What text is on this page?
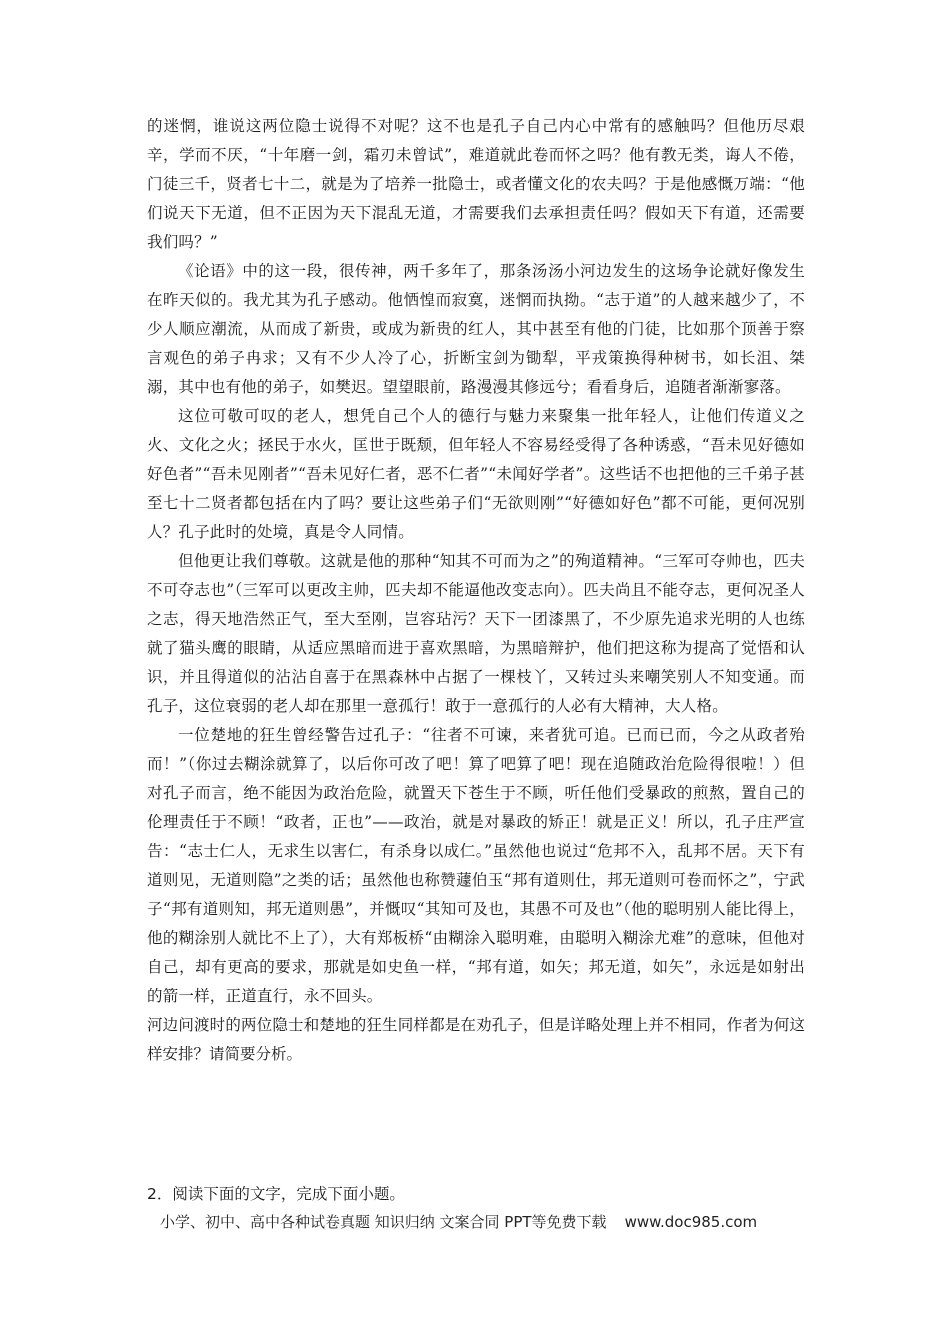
的迷惘，谁说这两位隐士说得不对呢？这不也是孔子自己内心中常有的感触吗？但他历尽艰辛，学而不厌，“十年磨一剑，霜刃未曾试”，难道就此卷而怀之吗？他有教无类，诲人不倦，门徒三千，贤者七十二，就是为了培养一批隐士，或者懂文化的农夫吗？于是他感慨万端：“他们说天下无道，但不正因为天下混乱无道，才需要我们去承担责任吗？假如天下有道，还需要我们吗？”

《论语》中的这一段，很传神，两千多年了，那条汤汤小河边发生的这场争论就好像发生在昨天似的。我尤其为孔子感动。他恓惶而寂寞，迷惘而执拗。“志于道”的人越来越少了，不少人顺应潮流，从而成了新贵，或成为新贵的红人，其中甚至有他的门徒，比如那个顶善于察言观色的弟子冉求；又有不少人冷了心，折断宝剑为锄犁，平戎策换得种树书，如长沮、桀溺，其中也有他的弟子，如樊迟。望望眼前，路漫漫其修远兮；看看身后，追随者渐渐寥落。

这位可敬可叹的老人，想凭自己个人的德行与魅力来聚集一批年轻人，让他们传道义之火、文化之火；拯民于水火，匡世于既颓，但年轻人不容易经受得了各种诱惑，“吾未见好德如好色者”“吾未见刚者”“吾未见好仁者，恶不仁者”“未闻好学者”。这些话不也把他的三千弟子甚至七十二贤者都包括在内了吗？要让这些弟子们“无欲则刚”“好德如好色”都不可能，更何况别人？孔子此时的处境，真是令人同情。

但他更让我们尊敬。这就是他的那种“知其不可而为之”的殉道精神。“三军可夺帅也，匹夫不可夺志也”（三军可以更改主帅，匹夫却不能逼他改变志向）。匹夫尚且不能夺志，更何况圣人之志，得天地浩然正气，至大至刚，岂容玷污？天下一团漆黑了，不少原先追求光明的人也练就了猫头鹰的眼睛，从适应黑暗而进于喜欢黑暗，为黑暗辩护，他们把这称为提高了觉悟和认识，并且得道似的沾沾自喜于在黑森林中占据了一棵枝丫，又转过头来嘲笑别人不知变通。而孔子，这位衰弱的老人却在那里一意孤行！敢于一意孤行的人必有大精神，大人格。

一位楚地的狂生曾经警告过孔子：“往者不可谏，来者犹可追。已而已而，今之从政者殆而！”（你过去糊涂就算了，以后你可改了吧！算了吧算了吧！现在追随政治危险得很啦！）但对孔子而言，绝不能因为政治危险，就置天下苍生于不顾，听任他们受暴政的煎熬，置自己的伦理责任于不顾！“政者，正也”——政治，就是对暴政的矫正！就是正义！所以，孔子庄严宣告：“志士仁人，无求生以害仁，有杀身以成仁。”虽然他也说过“危邦不入，乱邦不居。天下有道则见，无道则隐”之类的话；虽然他也称赞蘧伯玉“邦有道则仕，邦无道则可卷而怀之”，宁武子“邦有道则知，邦无道则愚”，并慨叹“其知可及也，其愚不可及也”（他的聪明别人能比得上，他的糊涂别人就比不上了），大有郑板桥“由糊涂入聪明难，由聪明入糊涂尤难”的意味，但他对自己，却有更高的要求，那就是如史鱼一样，“邦有道，如矢；邦无道，如矢”，永远是如射出的箭一样，正道直行，永不回头。

河边问渡时的两位隐士和楚地的狂生同样都是在劝孔子，但是详略处理上并不相同，作者为何这样安排？请简要分析。

2．阅读下面的文字，完成下面小题。
小学、初中、高中各种试卷真题 知识归纳 文案合同 PPT等免费下载 www.doc985.com
